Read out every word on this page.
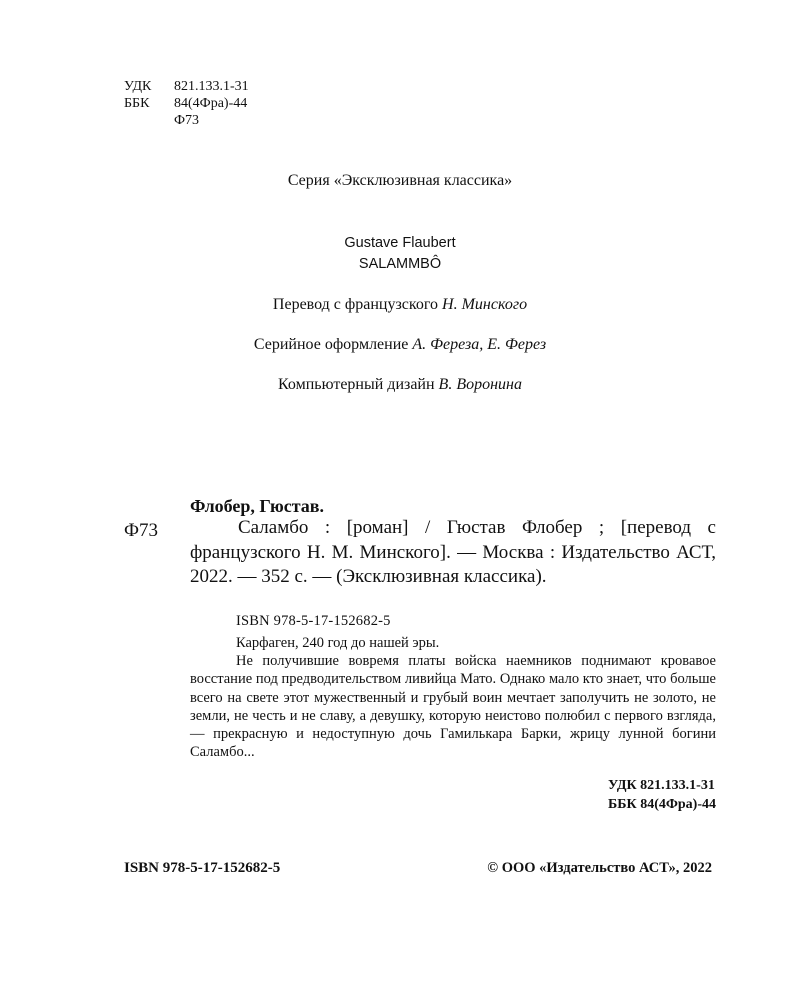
УДК	821.133.1-31
ББК	84(4Фра)-44
Ф73
Серия «Эксклюзивная классика»
Gustave Flaubert
SALAMMBÔ
Перевод с французского Н. Минского
Серийное оформление А. Фереза, Е. Ферез
Компьютерный дизайн В. Воронина
Флобер, Гюстав.
Ф73	Саламбо : [роман] / Гюстав Флобер ; [перевод с французского Н. М. Минского]. — Москва : Издательство АСТ, 2022. — 352 с. — (Эксклюзивная классика).
ISBN 978-5-17-152682-5

Карфаген, 240 год до нашей эры.

Не получившие вовремя платы войска наемников поднимают кровавое восстание под предводительством ливийца Мато. Однако мало кто знает, что больше всего на свете этот мужественный и грубый воин мечтает заполучить не золото, не земли, не честь и не славу, а девушку, которую неистово полюбил с первого взгляда, — прекрасную и недоступную дочь Гамилькара Барки, жрицу лунной богини Саламбо...

УДК 821.133.1-31
ББК 84(4Фра)-44
ISBN 978-5-17-152682-5	© ООО «Издательство АСТ», 2022
